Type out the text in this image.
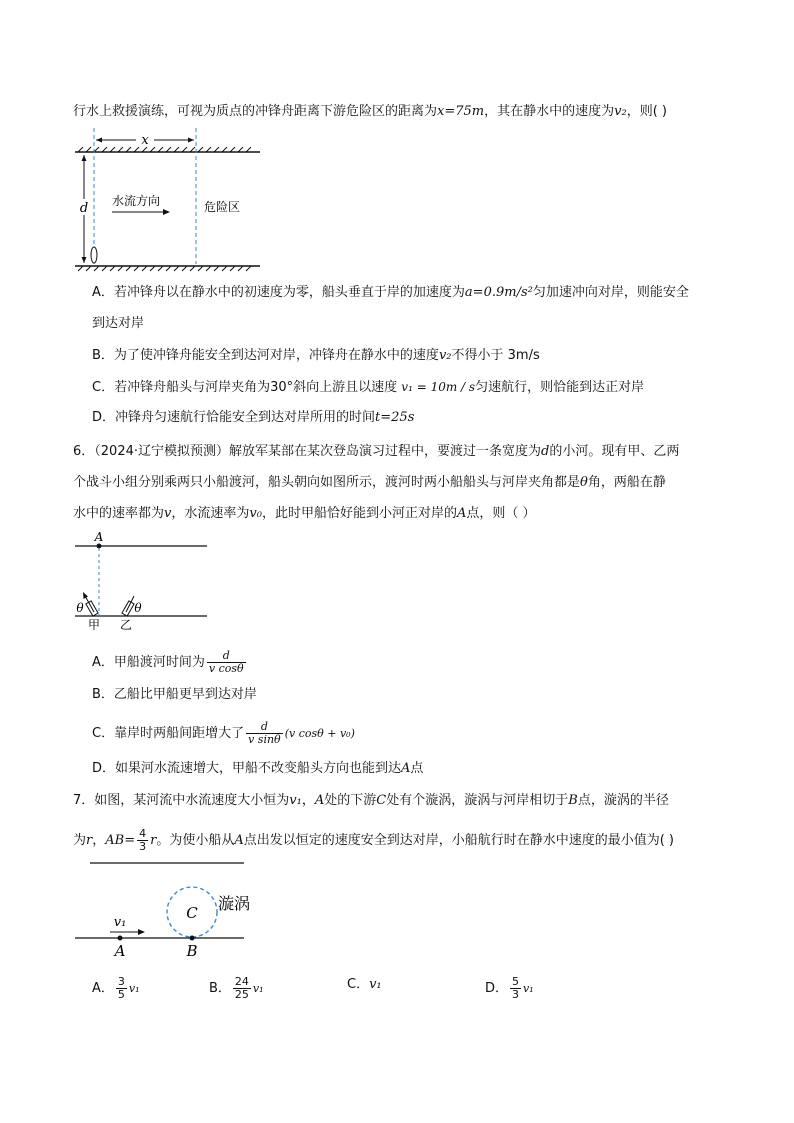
行水上救援演练，可视为质点的冲锋舟距离下游危险区的距离为x=75m，其在静水中的速度为v₂，则( )
x
d 水流方向	危险区
A．若冲锋舟以在静水中的初速度为零，船头垂直于岸的加速度为a=0.9m/s²匀加速冲向对岸，则能安全
到达对岸
B．为了使冲锋舟能安全到达河对岸，冲锋舟在静水中的速度v₂不得小于 3m/s
C．若冲锋舟船头与河岸夹角为30°斜向上游且以速度 v₁ = 10m / s匀速航行，则恰能到达正对岸
D．冲锋舟匀速航行恰能安全到达对岸所用的时间t=25s
6．（2024·辽宁模拟预测）解放军某部在某次登岛演习过程中，要渡过一条宽度为d的小河。现有甲、乙两
个战斗小组分别乘两只小船渡河，船头朝向如图所示，渡河时两小船船头与河岸夹角都是θ角，两船在静
水中的速率都为v，水流速率为v₀，此时甲船恰好能到小河正对岸的A点，则（ ）
A
θ	θ
甲 乙
A．甲船渡河时间为 $\frac{d}{\text{v cosθ}}$
B．乙船比甲船更早到达对岸
C．靠岸时两船间距增大了 $\frac{d}{\text{v sinθ}} (v$ cosθ + v₀)
D．如果河水流速增大，甲船不改变船头方向也能到达A点
7．如图，某河流中水流速度大小恒为v₁，A处的下游C处有个漩涡，漩涡与河岸相切于B点，漩涡的半径
为r，$AB= \frac{4}{3}$ r。为使小船从A点出发以恒定的速度安全到达对岸，小船航行时在静水中速度的最小值为( )
C 漩涡
v₁
A	B
A． $\frac{3}{5} v_1$	B． $\frac{24}{25} v_1$	C．v₁	D． $\frac{5}{3} v_1$
